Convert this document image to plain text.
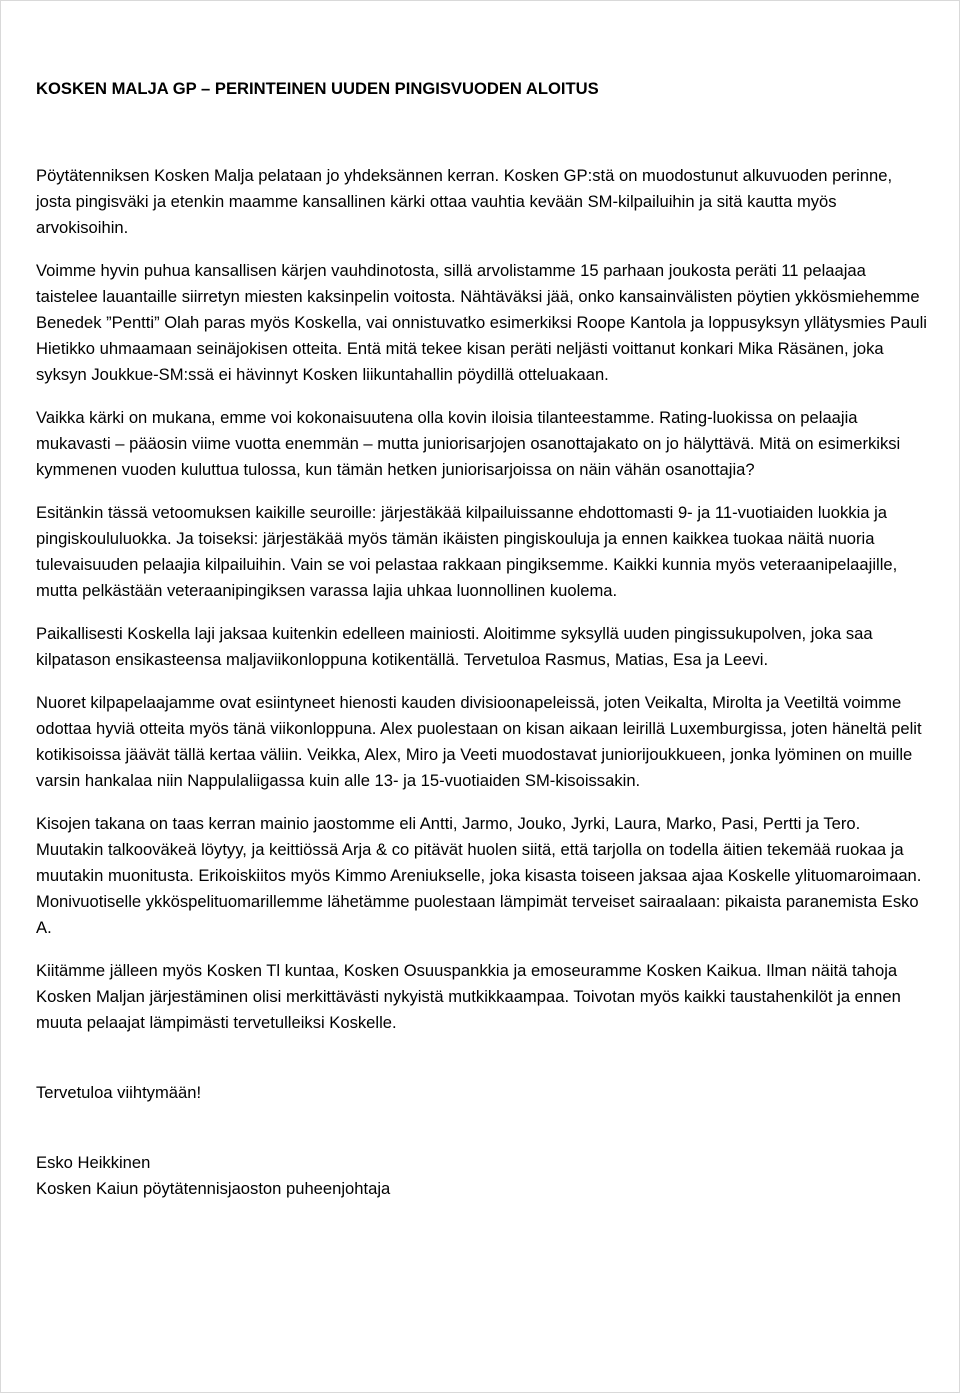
KOSKEN MALJA GP – PERINTEINEN UUDEN PINGISVUODEN ALOITUS

Pöytätenniksen Kosken Malja pelataan jo yhdeksännen kerran. Kosken GP:stä on muodostunut alkuvuoden perinne, josta pingisväki ja etenkin maamme kansallinen kärki ottaa vauhtia kevään SM-kilpailuihin ja sitä kautta myös arvokisoihin.

Voimme hyvin puhua kansallisen kärjen vauhdinotosta, sillä arvolistamme 15 parhaan joukosta peräti 11 pelaajaa taistelee lauantaille siirretyn miesten kaksinpelin voitosta. Nähtäväksi jää, onko kansainvälisten pöytien ykkösmiehemme Benedek ”Pentti” Olah paras myös Koskella, vai onnistuvatko esimerkiksi Roope Kantola ja loppusyksyn yllätysmies Pauli Hietikko uhmaamaan seinäjokisen otteita. Entä mitä tekee kisan peräti neljästi voittanut konkari Mika Räsänen, joka syksyn Joukkue-SM:ssä ei hävinnyt Kosken liikuntahallin pöydillä otteluakaan.

Vaikka kärki on mukana, emme voi kokonaisuutena olla kovin iloisia tilanteestamme. Rating-luokissa on pelaajia mukavasti – pääosin viime vuotta enemmän – mutta juniorisarjojen osanottajakato on jo hälyttävä. Mitä on esimerkiksi kymmenen vuoden kuluttua tulossa, kun tämän hetken juniorisarjoissa on näin vähän osanottajia?

Esitänkin tässä vetoomuksen kaikille seuroille: järjestäkää kilpailuissanne ehdottomasti 9- ja 11-vuotiaiden luokkia ja pingiskoululuokka. Ja toiseksi: järjestäkää myös tämän ikäisten pingiskouluja ja ennen kaikkea tuokaa näitä nuoria tulevaisuuden pelaajia kilpailuihin. Vain se voi pelastaa rakkaan pingiksemme. Kaikki kunnia myös veteraanipelaajille, mutta pelkästään veteraanipingiksen varassa lajia uhkaa luonnollinen kuolema.

Paikallisesti Koskella laji jaksaa kuitenkin edelleen mainiosti. Aloitimme syksyllä uuden pingissukupolven, joka saa kilpatason ensikasteensa maljaviikonloppuna kotikentällä. Tervetuloa Rasmus, Matias, Esa ja Leevi.

Nuoret kilpapelaajamme ovat esiintyneet hienosti kauden divisioonapeleissä, joten Veikalta, Mirolta ja Veetiltä voimme odottaa hyviä otteita myös tänä viikonloppuna. Alex puolestaan on kisan aikaan leirillä Luxemburgissa, joten häneltä pelit kotikisoissa jäävät tällä kertaa väliin. Veikka, Alex, Miro ja Veeti muodostavat juniorijoukkueen, jonka lyöminen on muille varsin hankalaa niin Nappulaliigassa kuin alle 13- ja 15-vuotiaiden SM-kisoissakin.

Kisojen takana on taas kerran mainio jaostomme eli Antti, Jarmo, Jouko, Jyrki, Laura, Marko, Pasi, Pertti ja Tero. Muutakin talkooväkeä löytyy, ja keittiössä Arja & co pitävät huolen siitä, että tarjolla on todella äitien tekemää ruokaa ja muutakin muonitusta. Erikoiskiitos myös Kimmo Areniukselle, joka kisasta toiseen jaksaa ajaa Koskelle ylituomaroimaan. Monivuotiselle ykköspelituomarillemme lähetämme puolestaan lämpimät terveiset sairaalaan: pikaista paranemista Esko A.

Kiitämme jälleen myös Kosken Tl kuntaa, Kosken Osuuspankkia ja emoseuramme Kosken Kaikua. Ilman näitä tahoja Kosken Maljan järjestäminen olisi merkittävästi nykyistä mutkikkaampaa. Toivotan myös kaikki taustahenkilöt ja ennen muuta pelaajat lämpimästi tervetulleiksi Koskelle.

Tervetuloa viihtymään!

Esko Heikkinen
Kosken Kaiun pöytätennisjaoston puheenjohtaja
